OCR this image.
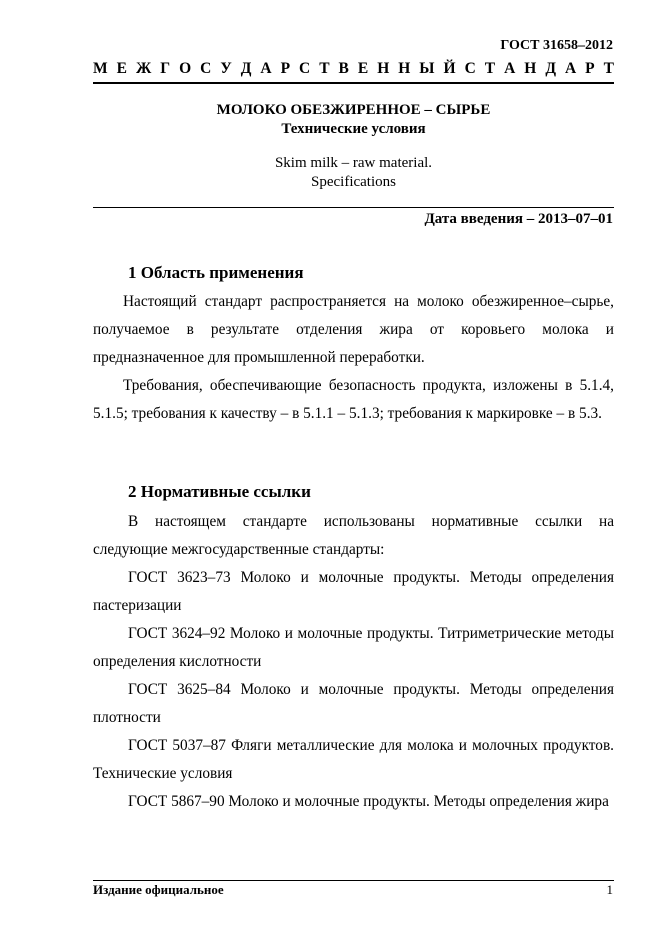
ГОСТ 31658–2012
М Е Ж Г О С У Д А Р С Т В Е Н Н Ы Й С Т А Н Д А Р Т
МОЛОКО ОБЕЗЖИРЕННОЕ – СЫРЬЕ
Технические условия
Skim milk – raw material.
Specifications
Дата введения – 2013–07–01
1 Область применения

Настоящий стандарт распространяется на молоко обезжиренное–сырье, получаемое в результате отделения жира от коровьего молока и предназначенное для промышленной переработки.

Требования, обеспечивающие безопасность продукта, изложены в 5.1.4, 5.1.5; требования к качеству – в 5.1.1 – 5.1.3; требования к маркировке – в 5.3.

2 Нормативные ссылки

В настоящем стандарте использованы нормативные ссылки на следующие межгосударственные стандарты:

ГОСТ 3623–73 Молоко и молочные продукты. Методы определения пастеризации

ГОСТ 3624–92 Молоко и молочные продукты. Титриметрические методы определения кислотности

ГОСТ 3625–84 Молоко и молочные продукты. Методы определения плотности

ГОСТ 5037–87 Фляги металлические для молока и молочных продуктов. Технические условия

ГОСТ 5867–90 Молоко и молочные продукты. Методы определения жира

Издание официальное	1
